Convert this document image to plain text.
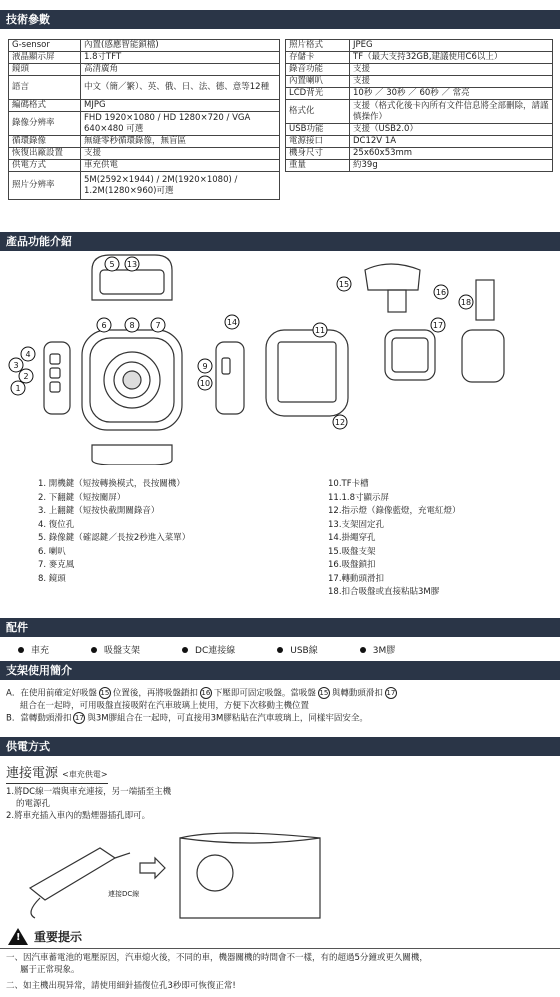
技術參數
G-sensor	內置(感應智能鎖檔)
液晶顯示屏	1.8寸TFT
鏡頭	高清廣角
語言	中文（簡／繁）、英、俄、日、法、德、意等12種
編碼格式	MJPG
錄像分辨率	FHD 1920×1080 / HD 1280×720 / VGA 640×480 可選
循環錄像	無縫零秒循環錄像，無盲區
恢復出廠設置	支援
供電方式	車充供電
照片分辨率	5M(2592×1944) / 2M(1920×1080) / 1.2M(1280×960)可選
照片格式	JPEG
存儲卡	TF（最大支持32GB,建議使用C6以上）
錄音功能	支援
內置喇叭	支援
LCD背光	10秒 ／ 30秒 ／ 60秒 ／ 常亮
格式化	支援（格式化後卡內所有文件信息將全部刪除，請謹慎操作）
USB功能	支援（USB2.0）
電源接口	DC12V 1A
機身尺寸	25x60x53mm
重量	約39g
產品功能介紹
5 13
6	8	7
4
3
2
1
14
9
10
11
12
15
16
17
18
1. 開機鍵（短按轉換模式，長按關機）
2. 下翻鍵（短按關屏）
3. 上翻鍵（短按快截開關錄音）
4. 復位孔
5. 錄像鍵（確認鍵／長按2秒進入菜單）
6. 喇叭
7. 麥克風
8. 鏡頭
10.TF卡槽
11.1.8寸顯示屏
12.指示燈（錄像藍燈，充電紅燈）
13.支架固定孔
14.掛繩穿孔
15.吸盤支架
16.吸盤鎖扣
17.轉動頭滑扣
18.扣合吸盤或直接粘貼3M膠
配件
車充	吸盤支架	DC連接線	USB線	3M膠
支架使用簡介
A．在使用前確定好吸盤 15 位置後，再將吸盤鎖扣 16 下壓即可固定吸盤。當吸盤 15 與轉動頭滑扣 17
組合在一起時，可用吸盤直接吸附在汽車玻璃上使用，方便下次移動主機位置
B．當轉動頭滑扣 17 與3M膠組合在一起時，可直接用3M膠粘貼在汽車玻璃上，同樣牢固安全。
供電方式
連接電源 <車充供電>
1.將DC線一端與車充連接，另一端插至主機
的電源孔
2.將車充插入車內的點煙器插孔即可。
連接DC線
!
重要提示
一、因汽車蓄電池的電壓原因，汽車熄火後，不同的車，機器關機的時間會不一樣，有的超過5分鐘或更久關機，
屬于正常現象。
二、如主機出現异常，請使用細針插復位孔3秒即可恢復正常!
